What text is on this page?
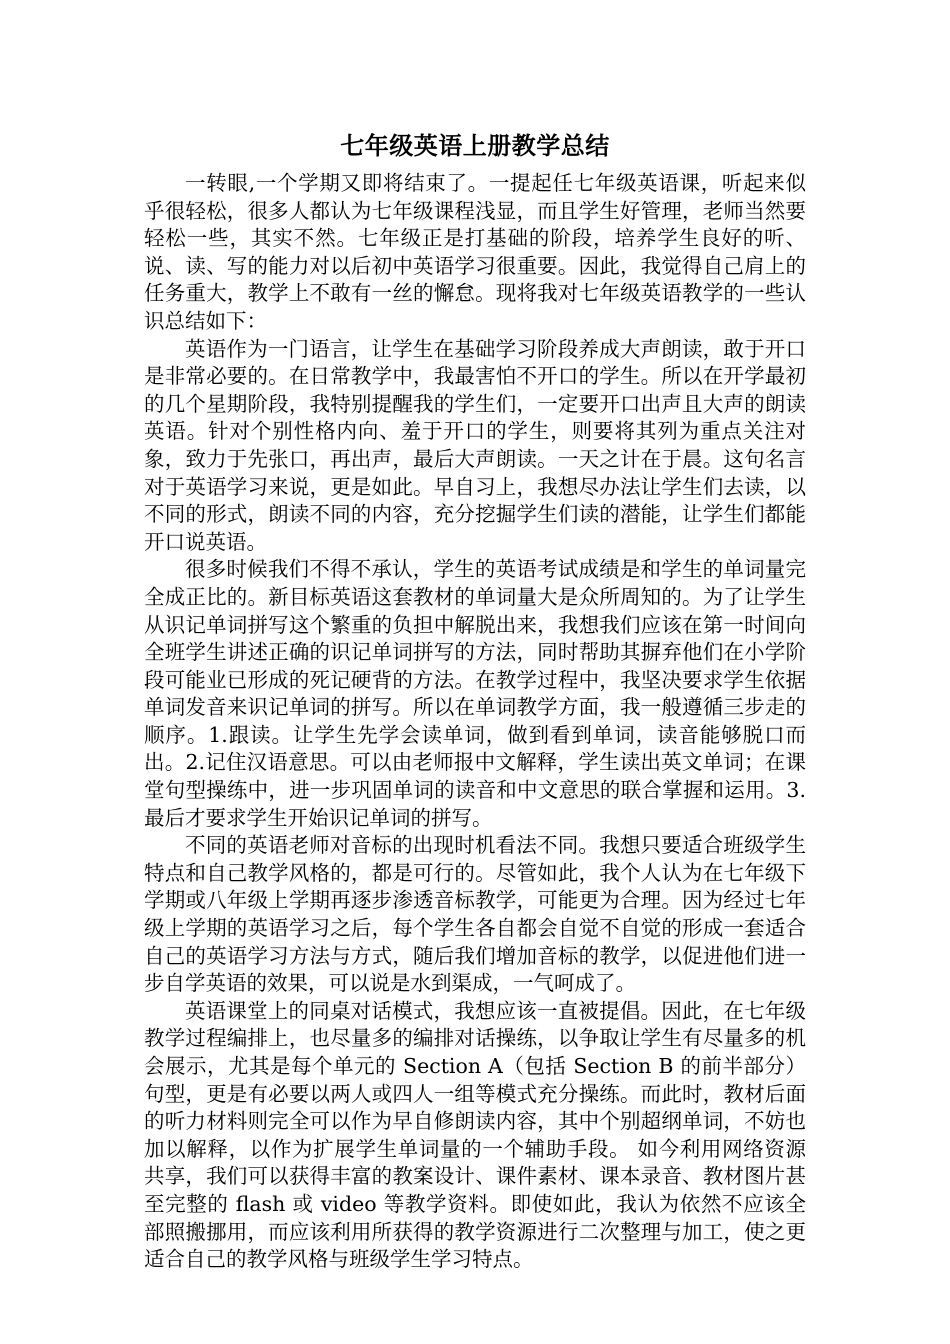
七年级英语上册教学总结

一转眼,一个学期又即将结束了。一提起任七年级英语课，听起来似乎很轻松，很多人都认为七年级课程浅显，而且学生好管理，老师当然要轻松一些，其实不然。七年级正是打基础的阶段，培养学生良好的听、说、读、写的能力对以后初中英语学习很重要。因此，我觉得自己肩上的任务重大，教学上不敢有一丝的懈怠。现将我对七年级英语教学的一些认识总结如下：

英语作为一门语言，让学生在基础学习阶段养成大声朗读，敢于开口是非常必要的。在日常教学中，我最害怕不开口的学生。所以在开学最初的几个星期阶段，我特别提醒我的学生们，一定要开口出声且大声的朗读英语。针对个别性格内向、羞于开口的学生，则要将其列为重点关注对象，致力于先张口，再出声，最后大声朗读。一天之计在于晨。这句名言对于英语学习来说，更是如此。早自习上，我想尽办法让学生们去读，以不同的形式，朗读不同的内容，充分挖掘学生们读的潜能，让学生们都能开口说英语。

很多时候我们不得不承认，学生的英语考试成绩是和学生的单词量完全成正比的。新目标英语这套教材的单词量大是众所周知的。为了让学生从识记单词拼写这个繁重的负担中解脱出来，我想我们应该在第一时间向全班学生讲述正确的识记单词拼写的方法，同时帮助其摒弃他们在小学阶段可能业已形成的死记硬背的方法。在教学过程中，我坚决要求学生依据单词发音来识记单词的拼写。所以在单词教学方面，我一般遵循三步走的顺序。1.跟读。让学生先学会读单词，做到看到单词，读音能够脱口而出。2.记住汉语意思。可以由老师报中文解释，学生读出英文单词；在课堂句型操练中，进一步巩固单词的读音和中文意思的联合掌握和运用。3.最后才要求学生开始识记单词的拼写。

不同的英语老师对音标的出现时机看法不同。我想只要适合班级学生特点和自己教学风格的，都是可行的。尽管如此，我个人认为在七年级下学期或八年级上学期再逐步渗透音标教学，可能更为合理。因为经过七年级上学期的英语学习之后，每个学生各自都会自觉不自觉的形成一套适合自己的英语学习方法与方式，随后我们增加音标的教学，以促进他们进一步自学英语的效果，可以说是水到渠成，一气呵成了。

英语课堂上的同桌对话模式，我想应该一直被提倡。因此，在七年级教学过程编排上，也尽量多的编排对话操练，以争取让学生有尽量多的机会展示，尤其是每个单元的 Section A（包括 Section B 的前半部分）句型，更是有必要以两人或四人一组等模式充分操练。而此时，教材后面的听力材料则完全可以作为早自修朗读内容，其中个别超纲单词，不妨也加以解释，以作为扩展学生单词量的一个辅助手段。 如今利用网络资源共享，我们可以获得丰富的教案设计、课件素材、课本录音、教材图片甚至完整的 flash 或 video 等教学资料。即使如此，我认为依然不应该全部照搬挪用，而应该利用所获得的教学资源进行二次整理与加工，使之更适合自己的教学风格与班级学生学习特点。
